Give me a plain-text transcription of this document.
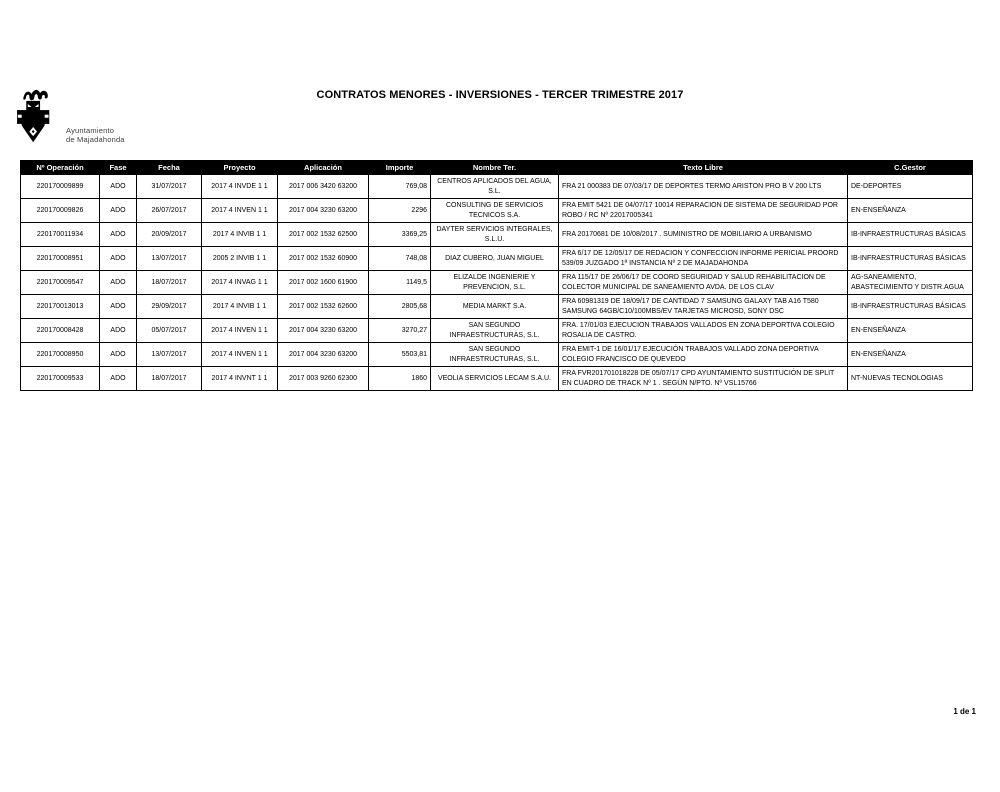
Ayuntamiento
de Majadahonda
CONTRATOS MENORES - INVERSIONES - TERCER TRIMESTRE 2017
Nº Operación	Fase	Fecha	Proyecto	Aplicación	Importe	Nombre Ter.	Texto Libre	C.Gestor
220170009899	ADO	31/07/2017	2017 4 INVDE 1 1	2017 006 3420 63200	769,08	CENTROS APLICADOS DEL AGUA, S.L.	FRA 21 000383 DE 07/03/17 DE DEPORTES TERMO ARISTON PRO B V 200 LTS	DE-DEPORTES
220170009826	ADO	26/07/2017	2017 4 INVEN 1 1	2017 004 3230 63200	2296	CONSULTING DE SERVICIOS TECNICOS S.A.	FRA EMIT 5421 DE 04/07/17 10014 REPARACION DE SISTEMA DE SEGURIDAD POR ROBO / RC Nº 22017005341	EN-ENSEÑANZA
220170011934	ADO	20/09/2017	2017 4 INVIB 1 1	2017 002 1532 62500	3369,25	DAYTER SERVICIOS INTEGRALES, S.L.U.	FRA 20170681 DE 10/08/2017 . SUMINISTRO DE MOBILIARIO A URBANISMO	IB-INFRAESTRUCTURAS BÁSICAS
220170008951	ADO	13/07/2017	2005 2 INVIB 1 1	2017 002 1532 60900	748,08	DIAZ CUBERO, JUAN MIGUEL	FRA 6/17 DE 12/05/17 DE REDACION Y CONFECCION INFORME PERICIAL PROORD 539/09 JUZGADO 1ª INSTANCIA Nº 2 DE MAJADAHONDA	IB-INFRAESTRUCTURAS BÁSICAS
220170009547	ADO	18/07/2017	2017 4 INVAG 1 1	2017 002 1600 61900	1149,5	ELIZALDE INGENIERIE Y PREVENCION, S.L.	FRA 115/17 DE 26/06/17 DE COORD SEGURIDAD Y SALUD REHABILITACION DE COLECTOR MUNICIPAL DE SANEAMIENTO AVDA. DE LOS CLAV	AG-SANEAMIENTO, ABASTECIMIENTO Y DISTR.AGUA
220170013013	ADO	29/09/2017	2017 4 INVIB 1 1	2017 002 1532 62600	2805,68	MEDIA MARKT S.A.	FRA 60981319 DE 18/09/17 DE CANTIDAD 7 SAMSUNG GALAXY TAB A16 T580 SAMSUNG 64GB/C10/100MBS/EV TARJETAS MICROSD, SONY DSC	IB-INFRAESTRUCTURAS BÁSICAS
220170008428	ADO	05/07/2017	2017 4 INVEN 1 1	2017 004 3230 63200	3270,27	SAN SEGUNDO INFRAESTRUCTURAS, S.L.	FRA. 17/01/03 EJECUCION TRABAJOS VALLADOS EN ZONA DEPORTIVA COLEGIO ROSALIA DE CASTRO.	EN-ENSEÑANZA
220170008950	ADO	13/07/2017	2017 4 INVEN 1 1	2017 004 3230 63200	5503,81	SAN SEGUNDO INFRAESTRUCTURAS, S.L.	FRA EMIT-1 DE 16/01/17 EJECUCIÓN TRABAJOS VALLADO ZONA DEPORTIVA COLEGIO FRANCISCO DE QUEVEDO	EN-ENSEÑANZA
220170009533	ADO	18/07/2017	2017 4 INVNT 1 1	2017 003 9260 62300	1860	VEOLIA SERVICIOS LECAM S.A.U.	FRA FVR201701018228 DE 05/07/17 CPD AYUNTAMIENTO SUSTITUCIÓN DE SPLIT EN CUADRO DE TRACK Nº 1 . SEGÚN N/PTO. Nº VSL15766	NT-NUEVAS TECNOLOGIAS
1 de 1
